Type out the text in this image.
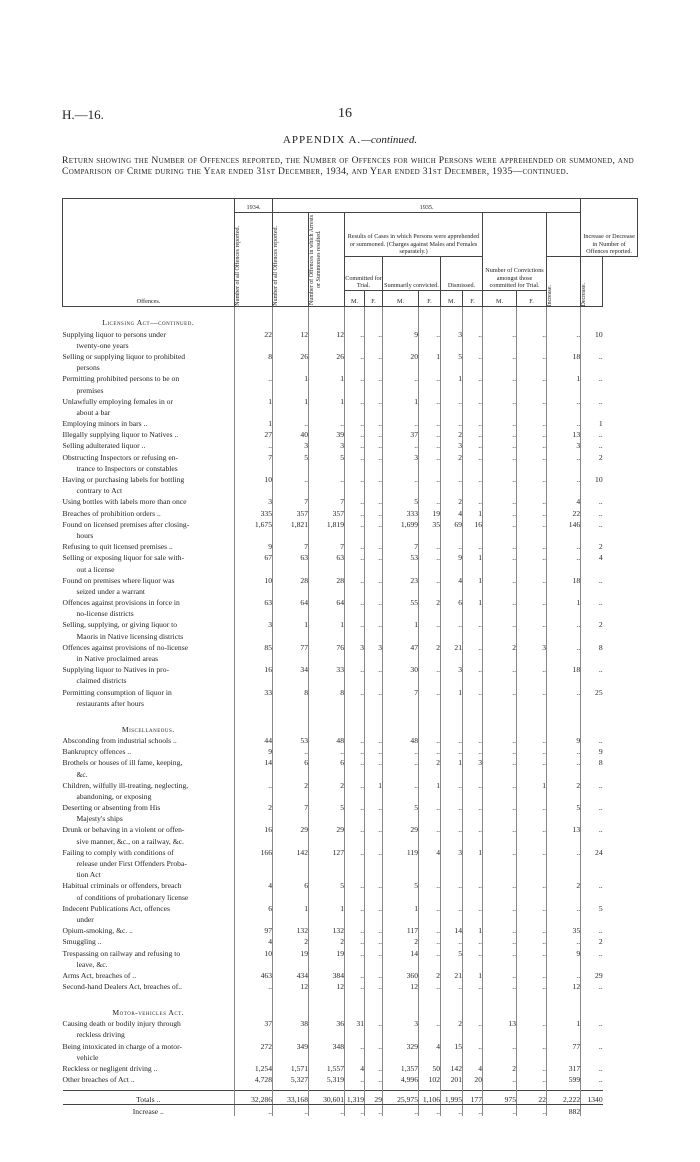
H.—16.	16
APPENDIX A.—continued.
Return showing the Number of Offences reported, the Number of Offences for which Persons were apprehended or summoned, and Comparison of Crime during the Year ended 31st December, 1934, and Year ended 31st December, 1935—continued.
Offences.	1934.	1935.											Increase or Decrease in Number of Offences reported.

	Number of all Offences reported.	Number of all Offences reported.	Number of Offences in which Arrests or Summonses resulted.	Results of Cases in which Persons were apprehended or summoned. (Charges against Males and Females separately.)						Number of Convictions amongst those committed for Trial.			
				Committed for Trial.		Summarily convicted.		Dismissed.				Increase.	Decrease.

				M.	F.	M.	F.	M.	F.	M.	F.		
Licensing Act—continued.													
Supplying liquor to persons under	22	12	12	..	..	9	..	3	..	..	..	..	10
twenty-one years													
Selling or supplying liquor to prohibited	8	26	26	..	..	20	1	5	..	..	..	18	..
persons													
Permitting prohibited persons to be on	..	1	1	..	..	..	..	1	..	..	..	1	..
premises													
Unlawfully employing females in or	1	1	1	..	..	1	..	..	..	..	..	..	..
about a bar													
Employing minors in bars ..	1	..	..	..	..	..	..	..	..	..	..	..	1
Illegally supplying liquor to Natives ..	27	40	39	..	..	37	..	2	..	..	..	13	..
Selling adulterated liquor ..	..	3	3	..	..	..	..	3	..	..	..	3	..
Obstructing Inspectors or refusing en-	7	5	5	..	..	3	..	2	..	..	..	..	2
trance to Inspectors or constables													
Having or purchasing labels for bottling	10	..	..	..	..	..	..	..	..	..	..	..	10
contrary to Act													
Using bottles with labels more than once	3	7	7	..	..	5	..	2	..	..	..	4	..
Breaches of prohibition orders ..	335	357	357	..	..	333	19	4	1	..	..	22	..
Found on licensed premises after closing-	1,675	1,821	1,819	..	..	1,699	35	69	16	..	..	146	..
hours													
Refusing to quit licensed premises ..	9	7	7	..	..	7	..	..	..	..	..	..	2
Selling or exposing liquor for sale with-	67	63	63	..	..	53	..	9	1	..	..	..	4
out a license													
Found on premises where liquor was	10	28	28	..	..	23	..	4	1	..	..	18	..
seized under a warrant													
Offences against provisions in force in	63	64	64	..	..	55	2	6	1	..	..	1	..
no-license districts													
Selling, supplying, or giving liquor to	3	1	1	..	..	1	..	..	..	..	..	..	2
Maoris in Native licensing districts													
Offences against provisions of no-license	85	77	76	3	3	47	2	21	..	2	3	..	8
in Native proclaimed areas													
Supplying liquor to Natives in pro-	16	34	33	..	..	30	..	3	..	..	..	18	..
claimed districts													
Permitting consumption of liquor in	33	8	8	..	..	7	..	1	..	..	..	..	25
restaurants after hours													

Miscellaneous.													
Absconding from industrial schools ..	44	53	48	..	..	48	..	..	..	..	..	9	..
Bankruptcy offences ..	9	..	..	..	..	..	..	..	..	..	..	..	9
Brothels or houses of ill fame, keeping,	14	6	6	..	..	..	2	1	3	..	..	..	8
&c.													
Children, wilfully ill-treating, neglecting,	..	2	2	..	1	..	1	..	..	..	1	2	..
abandoning, or exposing													
Deserting or absenting from His	2	7	5	..	..	5	..	..	..	..	..	5	..
Majesty's ships													
Drunk or behaving in a violent or offen-	16	29	29	..	..	29	..	..	..	..	..	13	..
sive manner, &c., on a railway, &c.													
Failing to comply with conditions of	166	142	127	..	..	119	4	3	1	..	..	..	24
release under First Offenders Proba-													
tion Act													
Habitual criminals or offenders, breach	4	6	5	..	..	5	..	..	..	..	..	2	..
of conditions of probationary license													
Indecent Publications Act, offences	6	1	1	..	..	1	..	..	..	..	..	..	5
under													
Opium-smoking, &c. ..	97	132	132	..	..	117	..	14	1	..	..	35	..
Smuggling ..	4	2	2	..	..	2	..	..	..	..	..	..	2
Trespassing on railway and refusing to	10	19	19	..	..	14	..	5	..	..	..	9	..
leave, &c.													
Arms Act, breaches of ..	463	434	384	..	..	360	2	21	1	..	..	..	29
Second-hand Dealers Act, breaches of..	..	12	12	..	..	12	..	..	..	..	..	12	..

Motor-vehicles Act.													
Causing death or bodily injury through	37	38	36	31	..	3	..	2	..	13	..	1	..
reckless driving													
Being intoxicated in charge of a motor-	272	349	348	..	..	329	4	15	..	..	..	77	..
vehicle													
Reckless or negligent driving ..	1,254	1,571	1,557	4	..	1,357	50	142	4	2	..	317	..
Other breaches of Act ..	4,728	5,327	5,319	..	..	4,996	102	201	20	..	..	599	..

Totals ..	32,286	33,168	30,601	1,319	29	25,975	1,106	1,995	177	975	22	2,222	1340
Increase ..	..	..	..	..	..	..	..	..	..	..	..	882	
